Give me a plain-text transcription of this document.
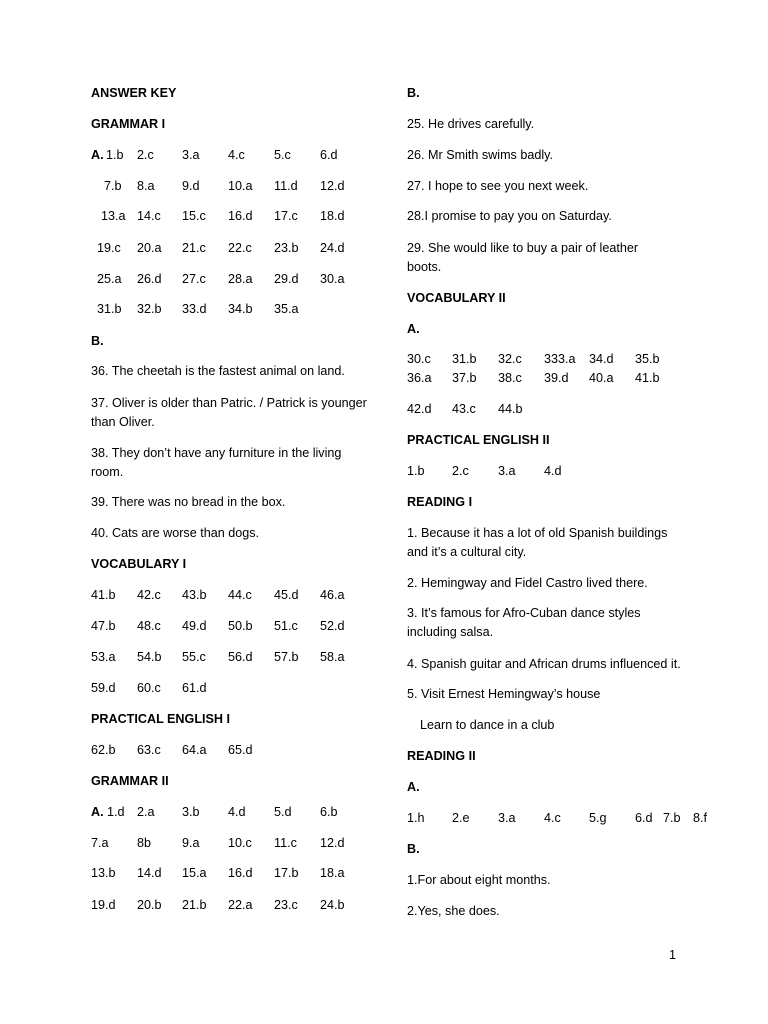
ANSWER KEY
GRAMMAR I
A. 1.b 2.c 3.a 4.c 5.c 6.d
7.b 8.a 9.d 10.a 11.d 12.d
13.a 14.c 15.c 16.d 17.c 18.d
19.c 20.a 21.c 22.c 23.b 24.d
25.a 26.d 27.c 28.a 29.d 30.a
31.b 32.b 33.d 34.b 35.a
B.
36. The cheetah is the fastest animal on land.
37. Oliver is older than Patric. / Patrick is younger than Oliver.
38. They don’t have any furniture in the living room.
39. There was no bread in the box.
40. Cats are worse than dogs.
VOCABULARY I
41.b 42.c 43.b 44.c 45.d 46.a
47.b 48.c 49.d 50.b 51.c 52.d
53.a 54.b 55.c 56.d 57.b 58.a
59.d 60.c 61.d
PRACTICAL ENGLISH I
62.b 63.c 64.a 65.d
GRAMMAR II
A. 1.d 2.a 3.b 4.d 5.d 6.b
7.a 8b 9.a 10.c 11.c 12.d
13.b 14.d 15.a 16.d 17.b 18.a
19.d 20.b 21.b 22.a 23.c 24.b
B.
25. He drives carefully.
26. Mr Smith swims badly.
27. I hope to see you next week.
28.I promise to pay you on Saturday.
29. She would like to buy a pair of leather boots.
VOCABULARY II
A.
30.c 31.b 32.c 333.a 34.d 35.b
36.a 37.b 38.c 39.d 40.a 41.b
42.d 43.c 44.b
PRACTICAL ENGLISH II
1.b 2.c 3.a 4.d
READING I
1. Because it has a lot of old Spanish buildings and it’s a cultural city.
2. Hemingway and Fidel Castro lived there.
3. It’s famous for Afro-Cuban dance styles including salsa.
4. Spanish guitar and African drums influenced it.
5. Visit Ernest Hemingway’s house
Learn to dance in a club
READING II
A.
1.h 2.e 3.a 4.c 5.g 6.d 7.b 8.f
B.
1.For about eight months.
2.Yes, she does.
1
